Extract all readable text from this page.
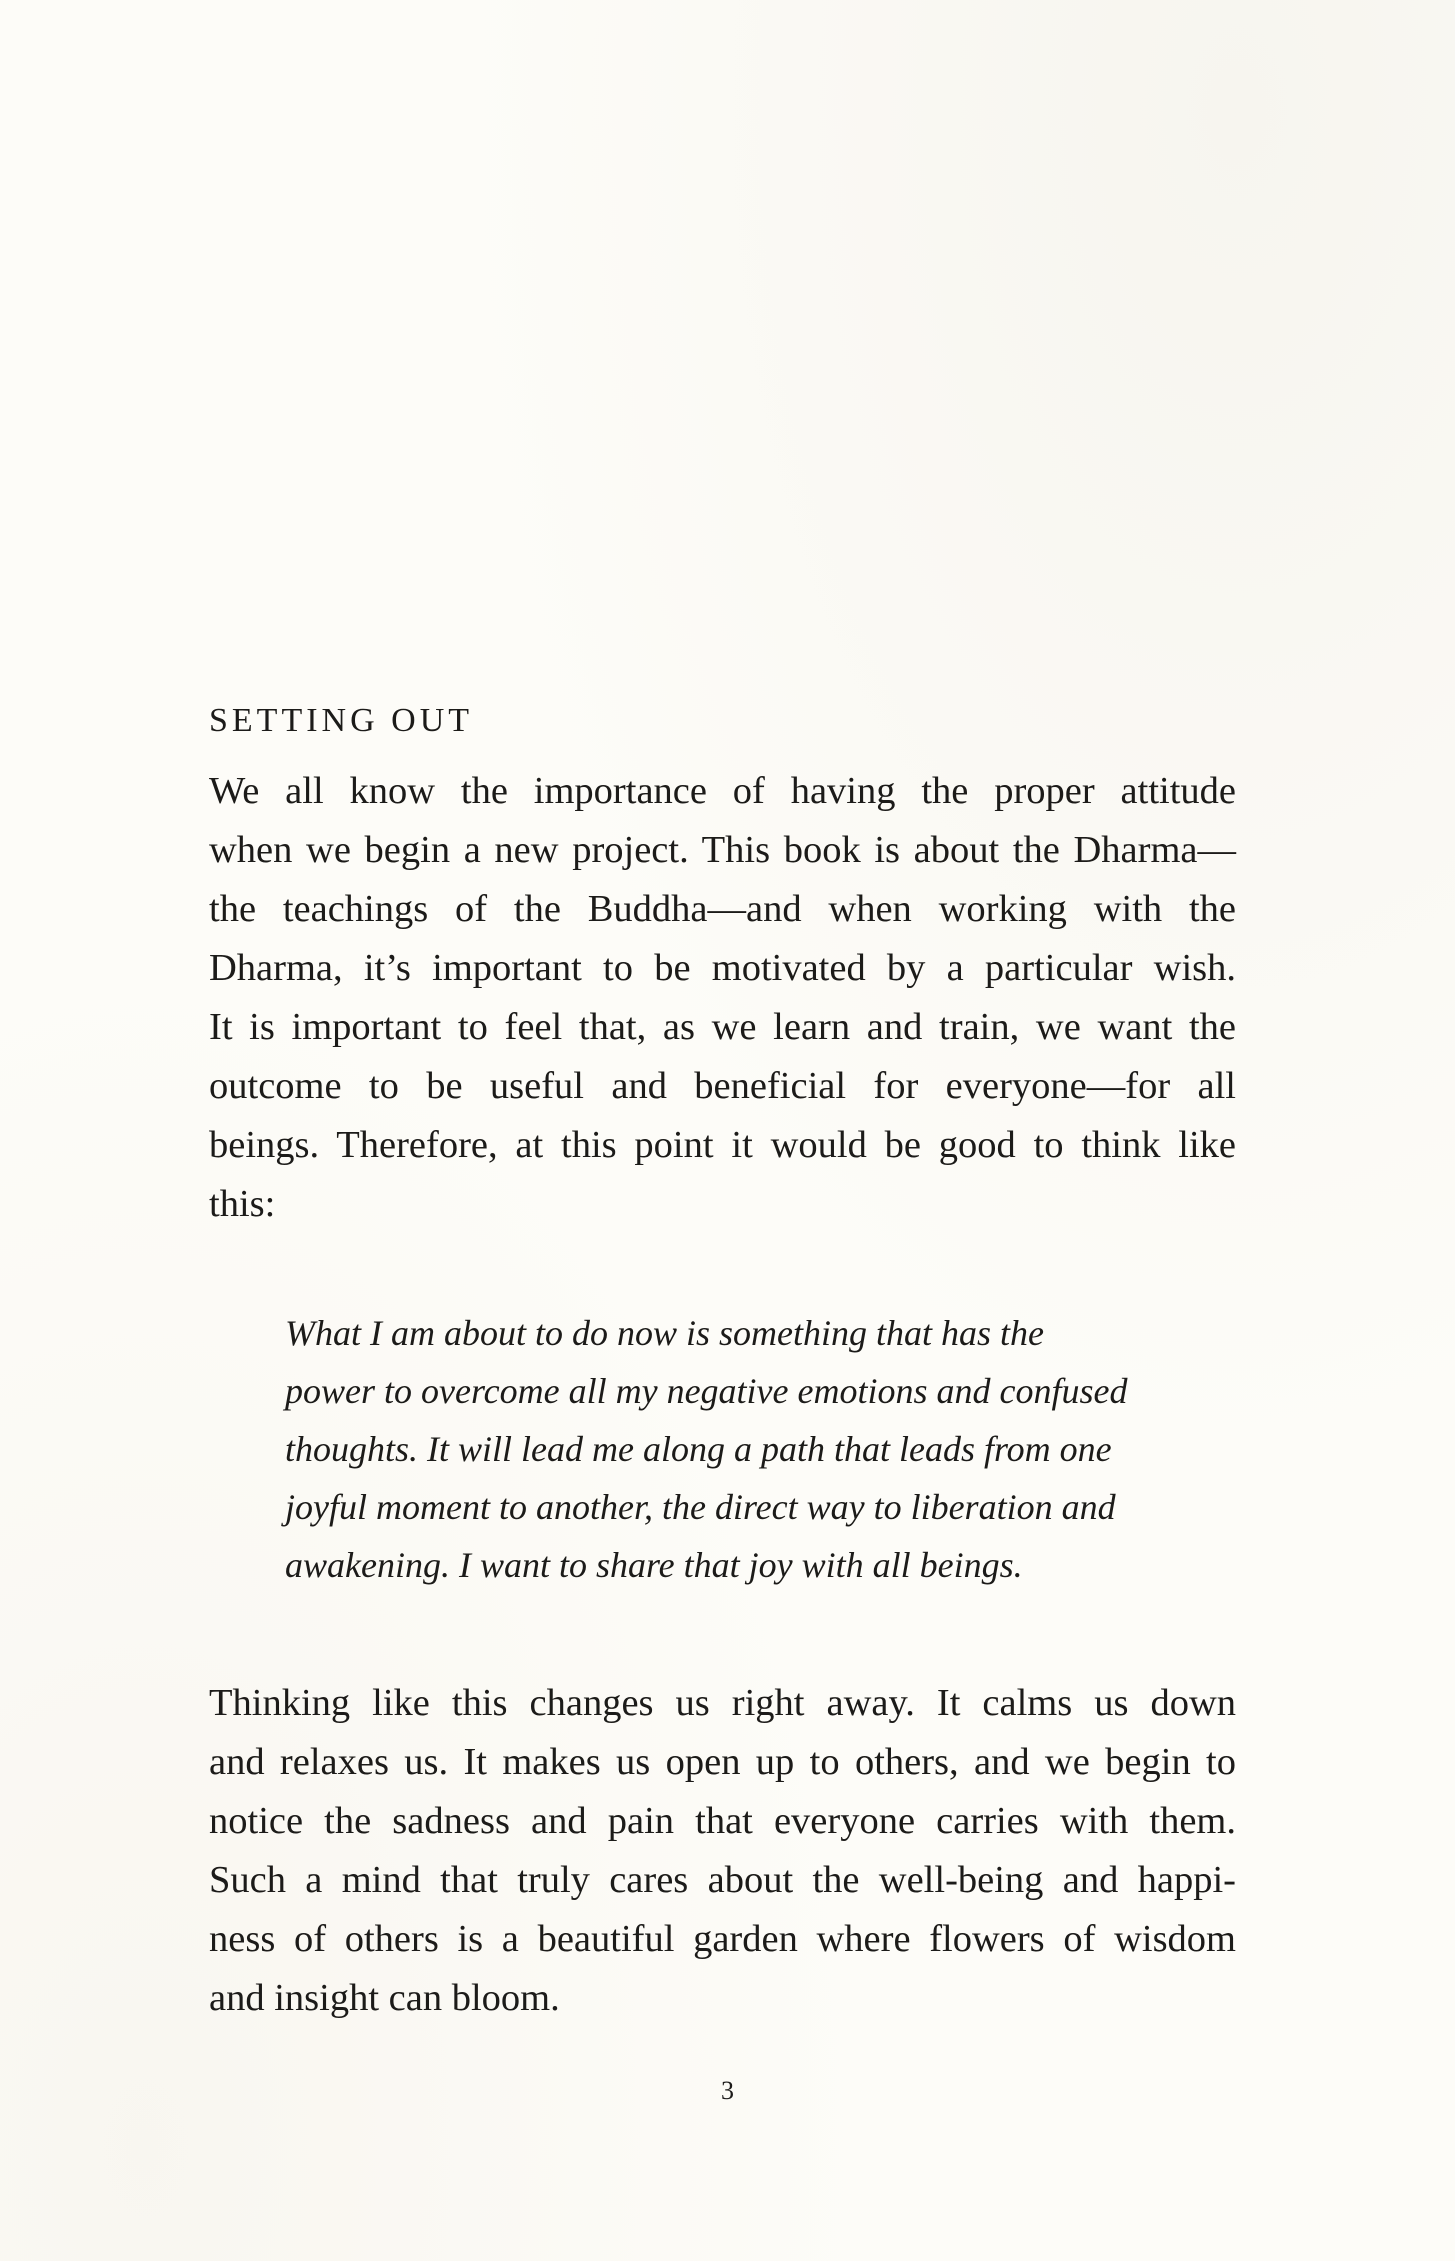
SETTING OUT

We all know the importance of having the proper attitude
when we begin a new project. This book is about the Dharma—
the teachings of the Buddha—and when working with the
Dharma, it’s important to be motivated by a particular wish.
It is important to feel that, as we learn and train, we want the
outcome to be useful and beneficial for everyone—for all
beings. Therefore, at this point it would be good to think like
this:

What I am about to do now is something that has the
power to overcome all my negative emotions and confused
thoughts. It will lead me along a path that leads from one
joyful moment to another, the direct way to liberation and
awakening. I want to share that joy with all beings.

Thinking like this changes us right away. It calms us down
and relaxes us. It makes us open up to others, and we begin to
notice the sadness and pain that everyone carries with them.
Such a mind that truly cares about the well-being and happi-
ness of others is a beautiful garden where flowers of wisdom
and insight can bloom.

3
